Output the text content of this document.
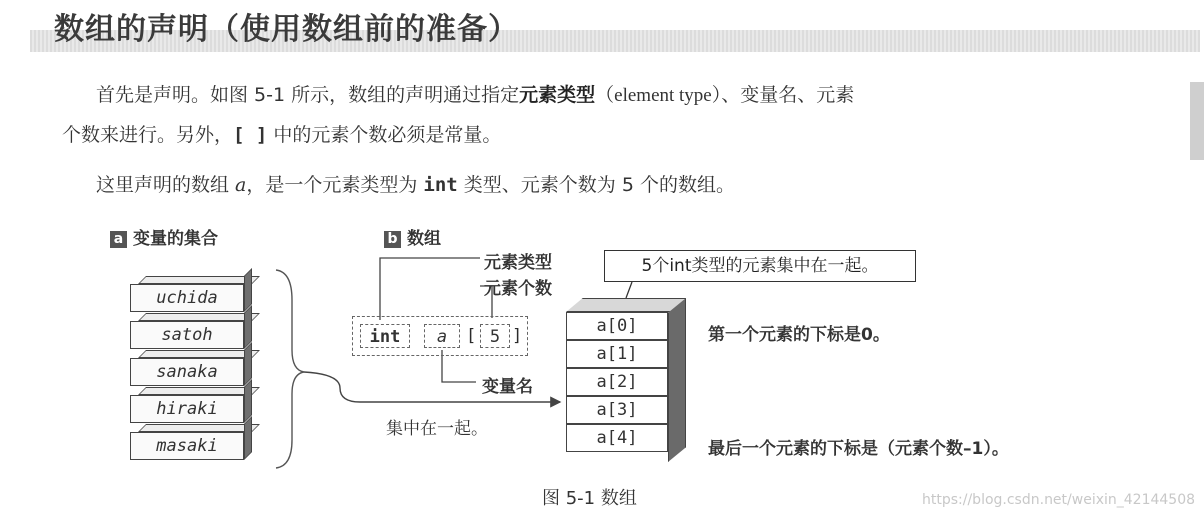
数组的声明（使用数组前的准备）
首先是声明。如图 5-1 所示，数组的声明通过指定元素类型（element type）、变量名、元素
个数来进行。另外，[ ] 中的元素个数必须是常量。
这里声明的数组 a，是一个元素类型为 int 类型、元素个数为 5 个的数组。
a 变量的集合	b 数组
uchida
satoh
sanaka
hiraki
masaki
int	a	[ 5 ]
元素类型
元素个数
变量名
集中在一起。
5个int类型的元素集中在一起。
a[0]
a[1]
a[2]
a[3]
a[4]
第一个元素的下标是0。
最后一个元素的下标是（元素个数–1）。
图 5-1 数组	https://blog.csdn.net/weixin_42144508
